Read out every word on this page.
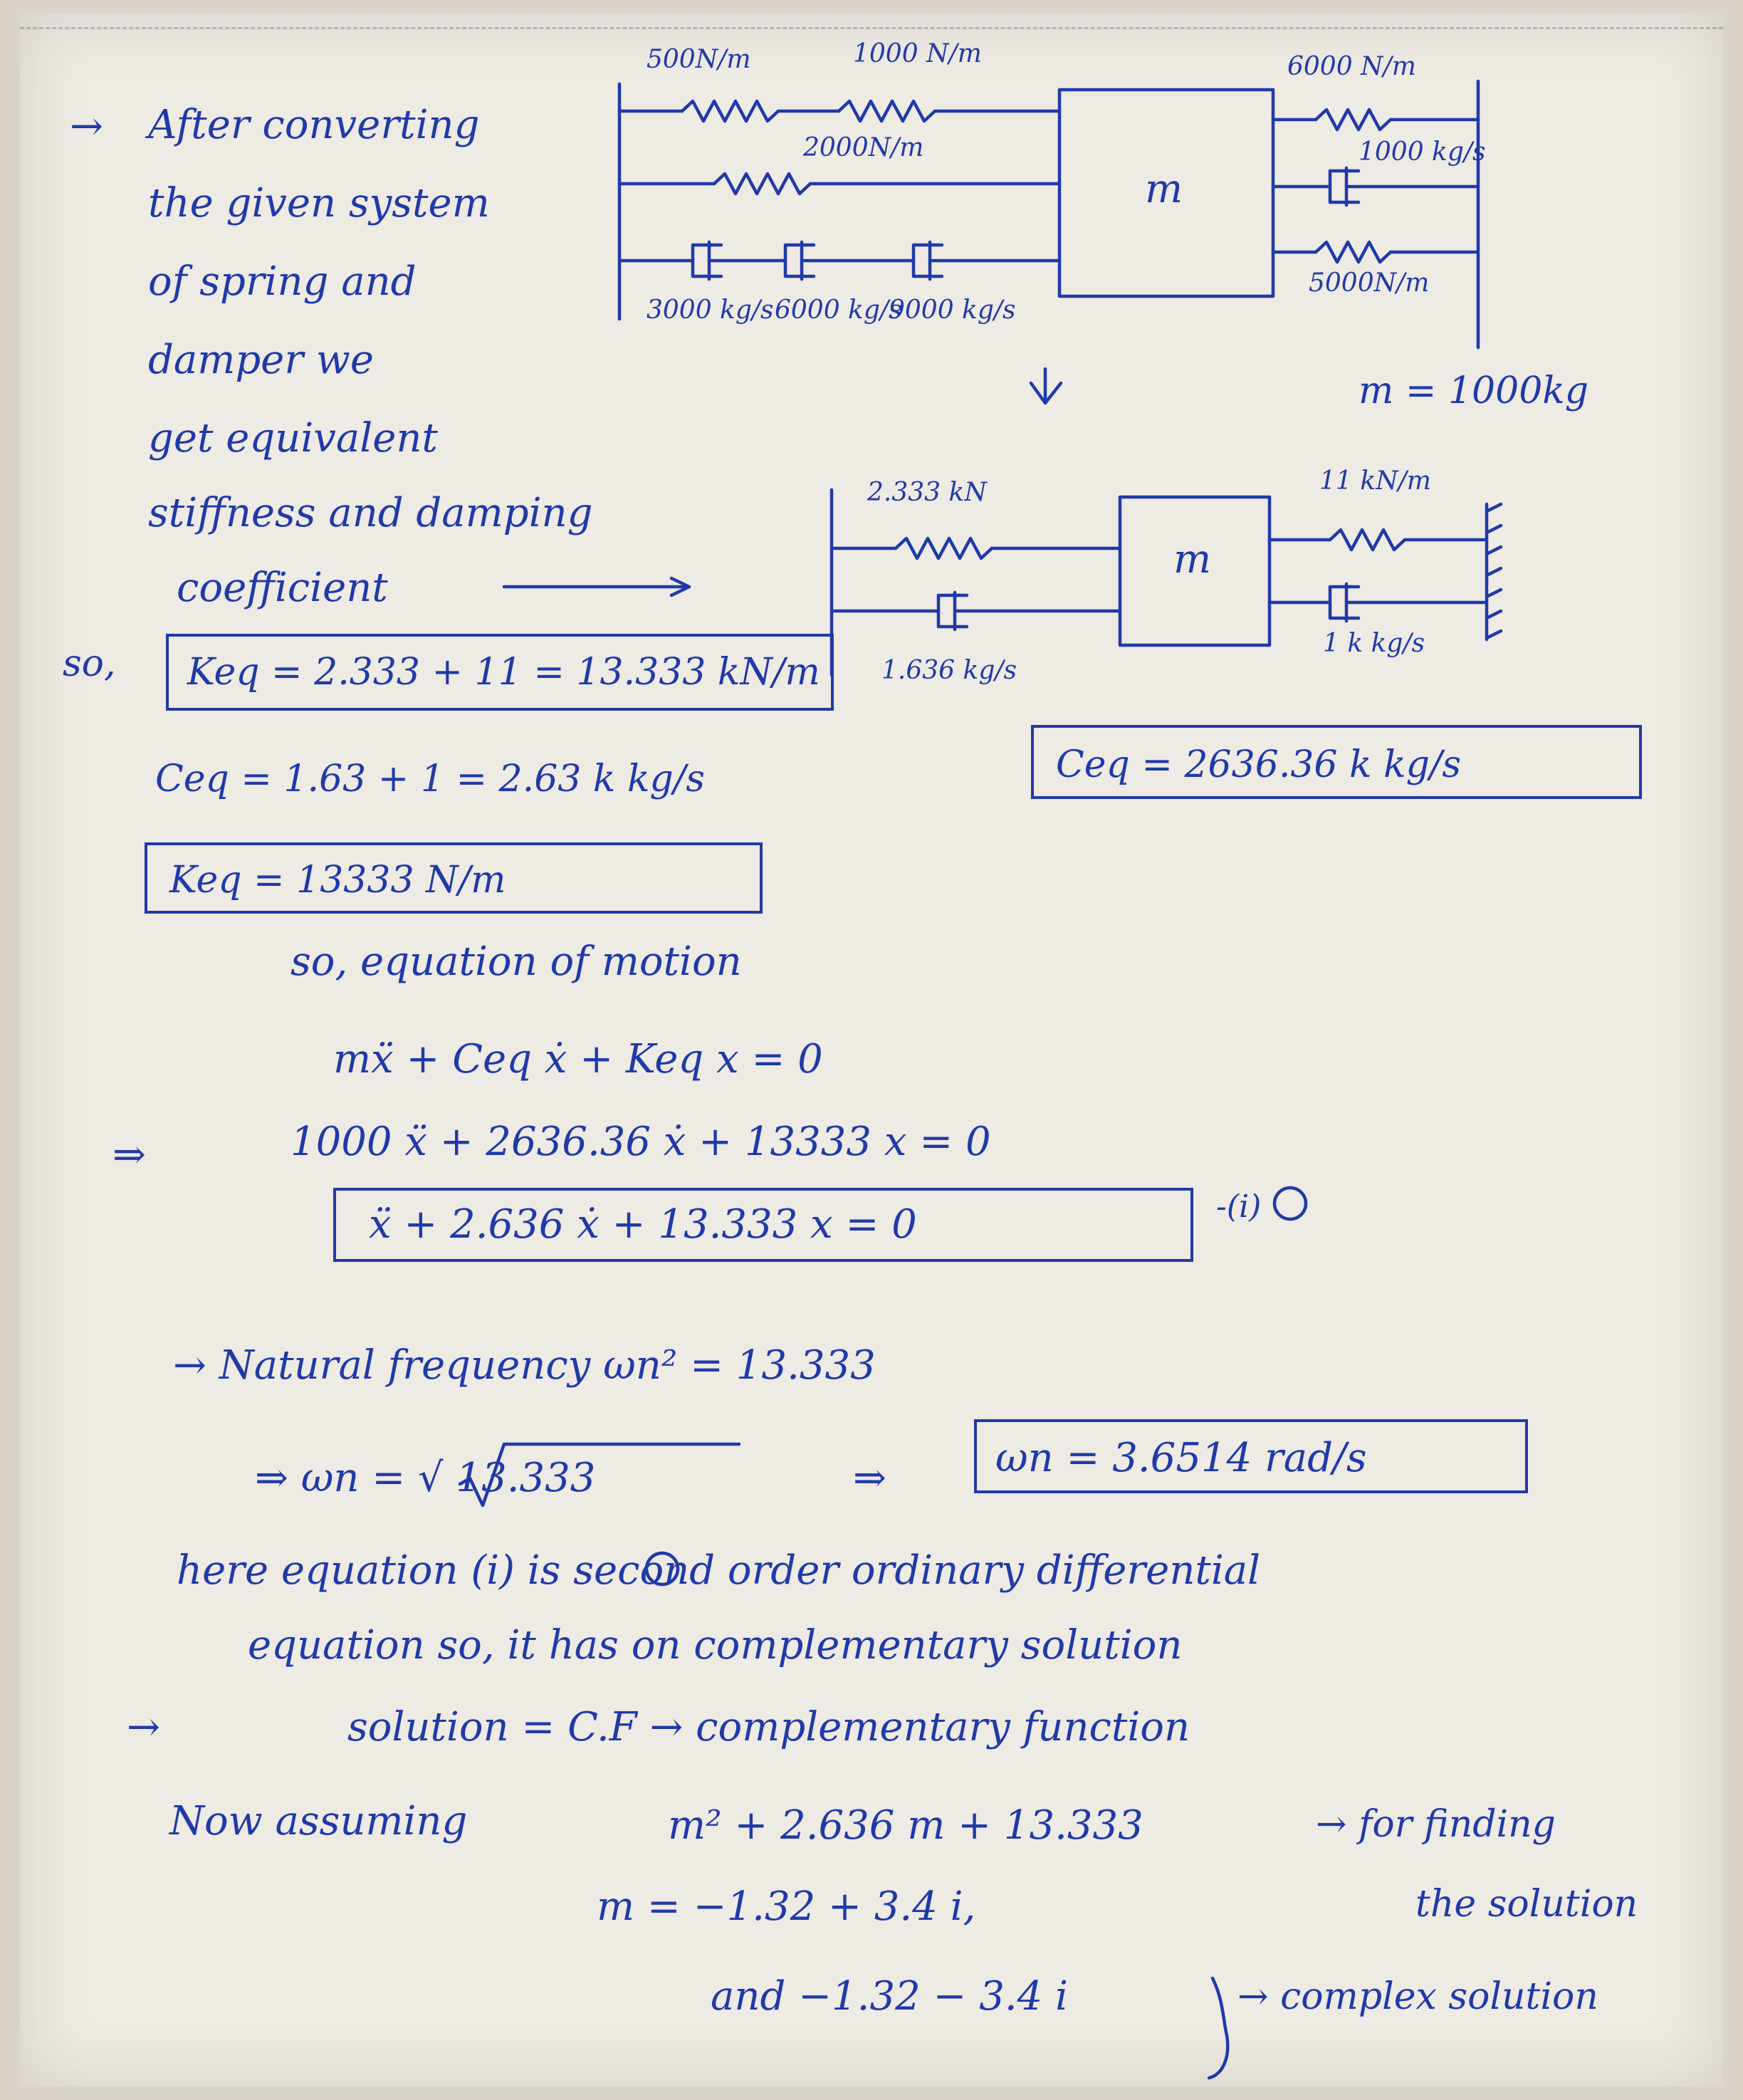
→ After converting
the given system
of spring and
damper we
get equivalent
stiffness and damping
coefficient
500N/m	1000 N/m
2000N/m
6000 N/m
1000 kg/s
5000N/m
3000 kg/s 6000 kg/s
9000 kg/s
m
m = 1000kg
2.333 kN	11 kN/m
1.636 kg/s
1 k kg/s
m
so, Keq = 2.333 + 11 = 13.333 kN/m
Ceq = 1.63 + 1 = 2.63 k kg/s	Ceq = 2636.36 k kg/s
Keq = 13333 N/m
so, equation of motion
mẍ + Ceq ẋ + Keq x = 0
⇒	1000 ẍ + 2636.36 ẋ + 13333 x = 0
ẍ + 2.636 ẋ + 13.333 x = 0	-(i)
→ Natural frequency ωn² = 13.333
⇒ ωn = √ 13.333	⇒	ωn = 3.6514 rad/s
here equation (i) is second order ordinary differential
equation so, it has on complementary solution
→	solution = C.F → complementary function
Now assuming	m² + 2.636 m + 13.333	→ for finding
m = −1.32 + 3.4 i,	the solution
and −1.32 − 3.4 i	→ complex solution
